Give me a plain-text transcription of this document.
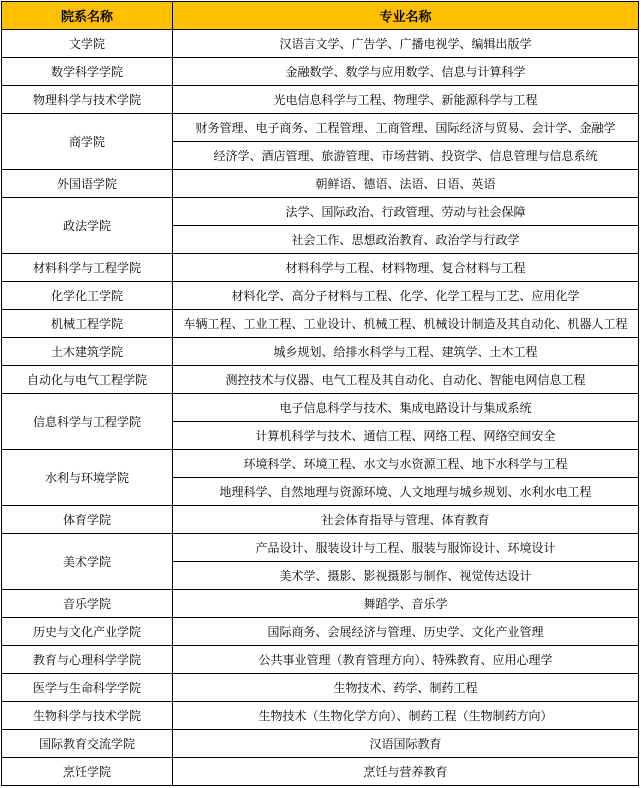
院系名称	专业名称
文学院	汉语言文学、广告学、广播电视学、编辑出版学
数学科学学院	金融数学、数学与应用数学、信息与计算科学
物理科学与技术学院	光电信息科学与工程、物理学、新能源科学与工程
商学院	财务管理、电子商务、工程管理、工商管理、国际经济与贸易、会计学、金融学
	经济学、酒店管理、旅游管理、市场营销、投资学、信息管理与信息系统
外国语学院	朝鲜语、德语、法语、日语、英语
政法学院	法学、国际政治、行政管理、劳动与社会保障
	社会工作、思想政治教育、政治学与行政学
材料科学与工程学院	材料科学与工程、材料物理、复合材料与工程
化学化工学院	材料化学、高分子材料与工程、化学、化学工程与工艺、应用化学
机械工程学院	车辆工程、工业工程、工业设计、机械工程、机械设计制造及其自动化、机器人工程
土木建筑学院	城乡规划、给排水科学与工程、建筑学、土木工程
自动化与电气工程学院	测控技术与仪器、电气工程及其自动化、自动化、智能电网信息工程
信息科学与工程学院	电子信息科学与技术、集成电路设计与集成系统
	计算机科学与技术、通信工程、网络工程、网络空间安全
水利与环境学院	环境科学、环境工程、水文与水资源工程、地下水科学与工程
	地理科学、自然地理与资源环境、人文地理与城乡规划、水利水电工程
体育学院	社会体育指导与管理、体育教育
美术学院	产品设计、服装设计与工程、服装与服饰设计、环境设计
	美术学、摄影、影视摄影与制作、视觉传达设计
音乐学院	舞蹈学、音乐学
历史与文化产业学院	国际商务、会展经济与管理、历史学、文化产业管理
教育与心理科学学院	公共事业管理（教育管理方向）、特殊教育、应用心理学
医学与生命科学学院	生物技术、药学、制药工程
生物科学与技术学院	生物技术（生物化学方向）、制药工程（生物制药方向）
国际教育交流学院	汉语国际教育
烹饪学院	烹饪与营养教育
